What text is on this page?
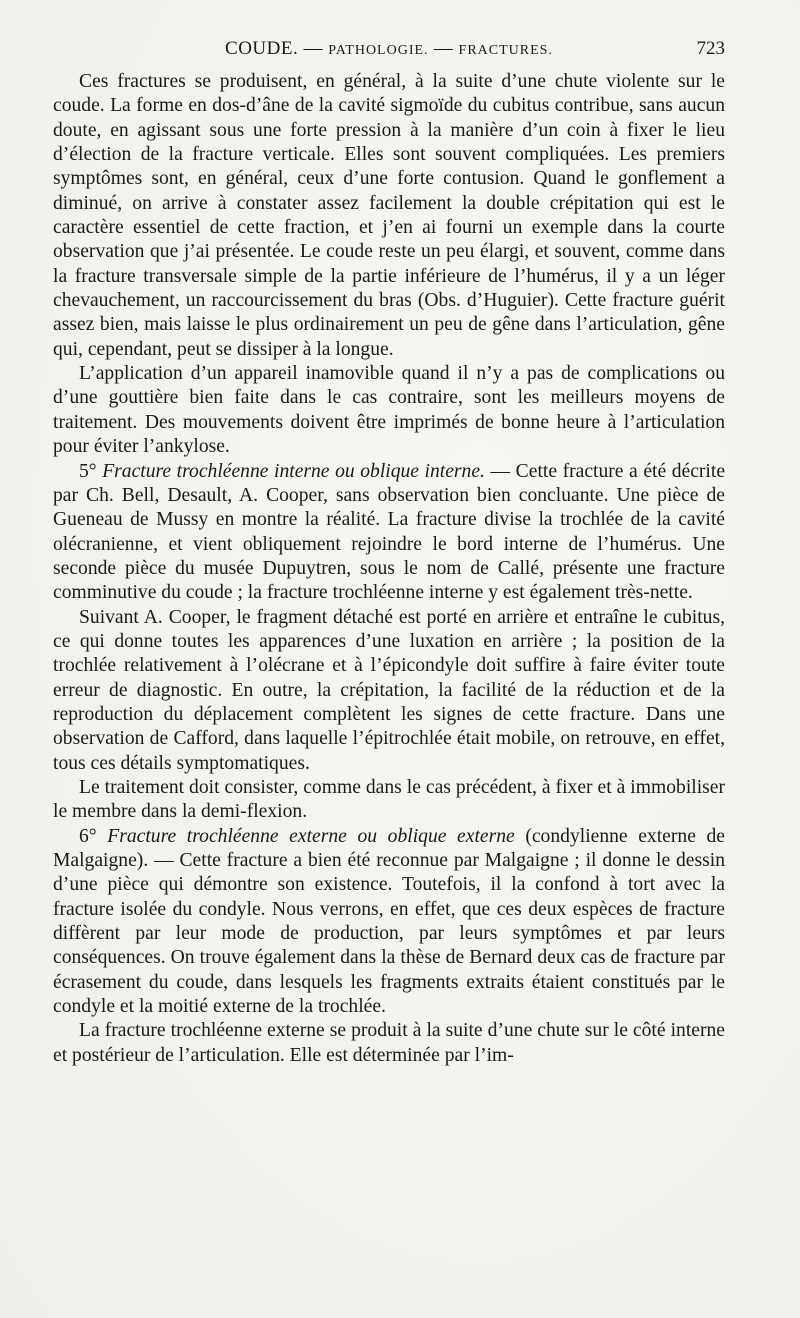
COUDE. — PATHOLOGIE. — FRACTURES.	723

Ces fractures se produisent, en général, à la suite d’une chute violente sur le coude. La forme en dos-d’âne de la cavité sigmoïde du cubitus contribue, sans aucun doute, en agissant sous une forte pression à la manière d’un coin à fixer le lieu d’élection de la fracture verticale. Elles sont souvent compliquées. Les premiers symptômes sont, en général, ceux d’une forte contusion. Quand le gonflement a diminué, on arrive à constater assez facilement la double crépitation qui est le caractère essentiel de cette fraction, et j’en ai fourni un exemple dans la courte observation que j’ai présentée. Le coude reste un peu élargi, et souvent, comme dans la fracture transversale simple de la partie inférieure de l’humérus, il y a un léger chevauchement, un raccourcissement du bras (Obs. d’Huguier). Cette fracture guérit assez bien, mais laisse le plus ordinairement un peu de gêne dans l’articulation, gêne qui, cependant, peut se dissiper à la longue.

L’application d’un appareil inamovible quand il n’y a pas de complications ou d’une gouttière bien faite dans le cas contraire, sont les meilleurs moyens de traitement. Des mouvements doivent être imprimés de bonne heure à l’articulation pour éviter l’ankylose.

5° Fracture trochléenne interne ou oblique interne. — Cette fracture a été décrite par Ch. Bell, Desault, A. Cooper, sans observation bien concluante. Une pièce de Gueneau de Mussy en montre la réalité. La fracture divise la trochlée de la cavité olécranienne, et vient obliquement rejoindre le bord interne de l’humérus. Une seconde pièce du musée Dupuytren, sous le nom de Callé, présente une fracture comminutive du coude ; la fracture trochléenne interne y est également très-nette.

Suivant A. Cooper, le fragment détaché est porté en arrière et entraîne le cubitus, ce qui donne toutes les apparences d’une luxation en arrière ; la position de la trochlée relativement à l’olécrane et à l’épicondyle doit suffire à faire éviter toute erreur de diagnostic. En outre, la crépitation, la facilité de la réduction et de la reproduction du déplacement complètent les signes de cette fracture. Dans une observation de Cafford, dans laquelle l’épitrochlée était mobile, on retrouve, en effet, tous ces détails symptomatiques.

Le traitement doit consister, comme dans le cas précédent, à fixer et à immobiliser le membre dans la demi-flexion.

6° Fracture trochléenne externe ou oblique externe (condylienne externe de Malgaigne). — Cette fracture a bien été reconnue par Malgaigne ; il donne le dessin d’une pièce qui démontre son existence. Toutefois, il la confond à tort avec la fracture isolée du condyle. Nous verrons, en effet, que ces deux espèces de fracture diffèrent par leur mode de production, par leurs symptômes et par leurs conséquences. On trouve également dans la thèse de Bernard deux cas de fracture par écrasement du coude, dans lesquels les fragments extraits étaient constitués par le condyle et la moitié externe de la trochlée.

La fracture trochléenne externe se produit à la suite d’une chute sur le côté interne et postérieur de l’articulation. Elle est déterminée par l’im-
